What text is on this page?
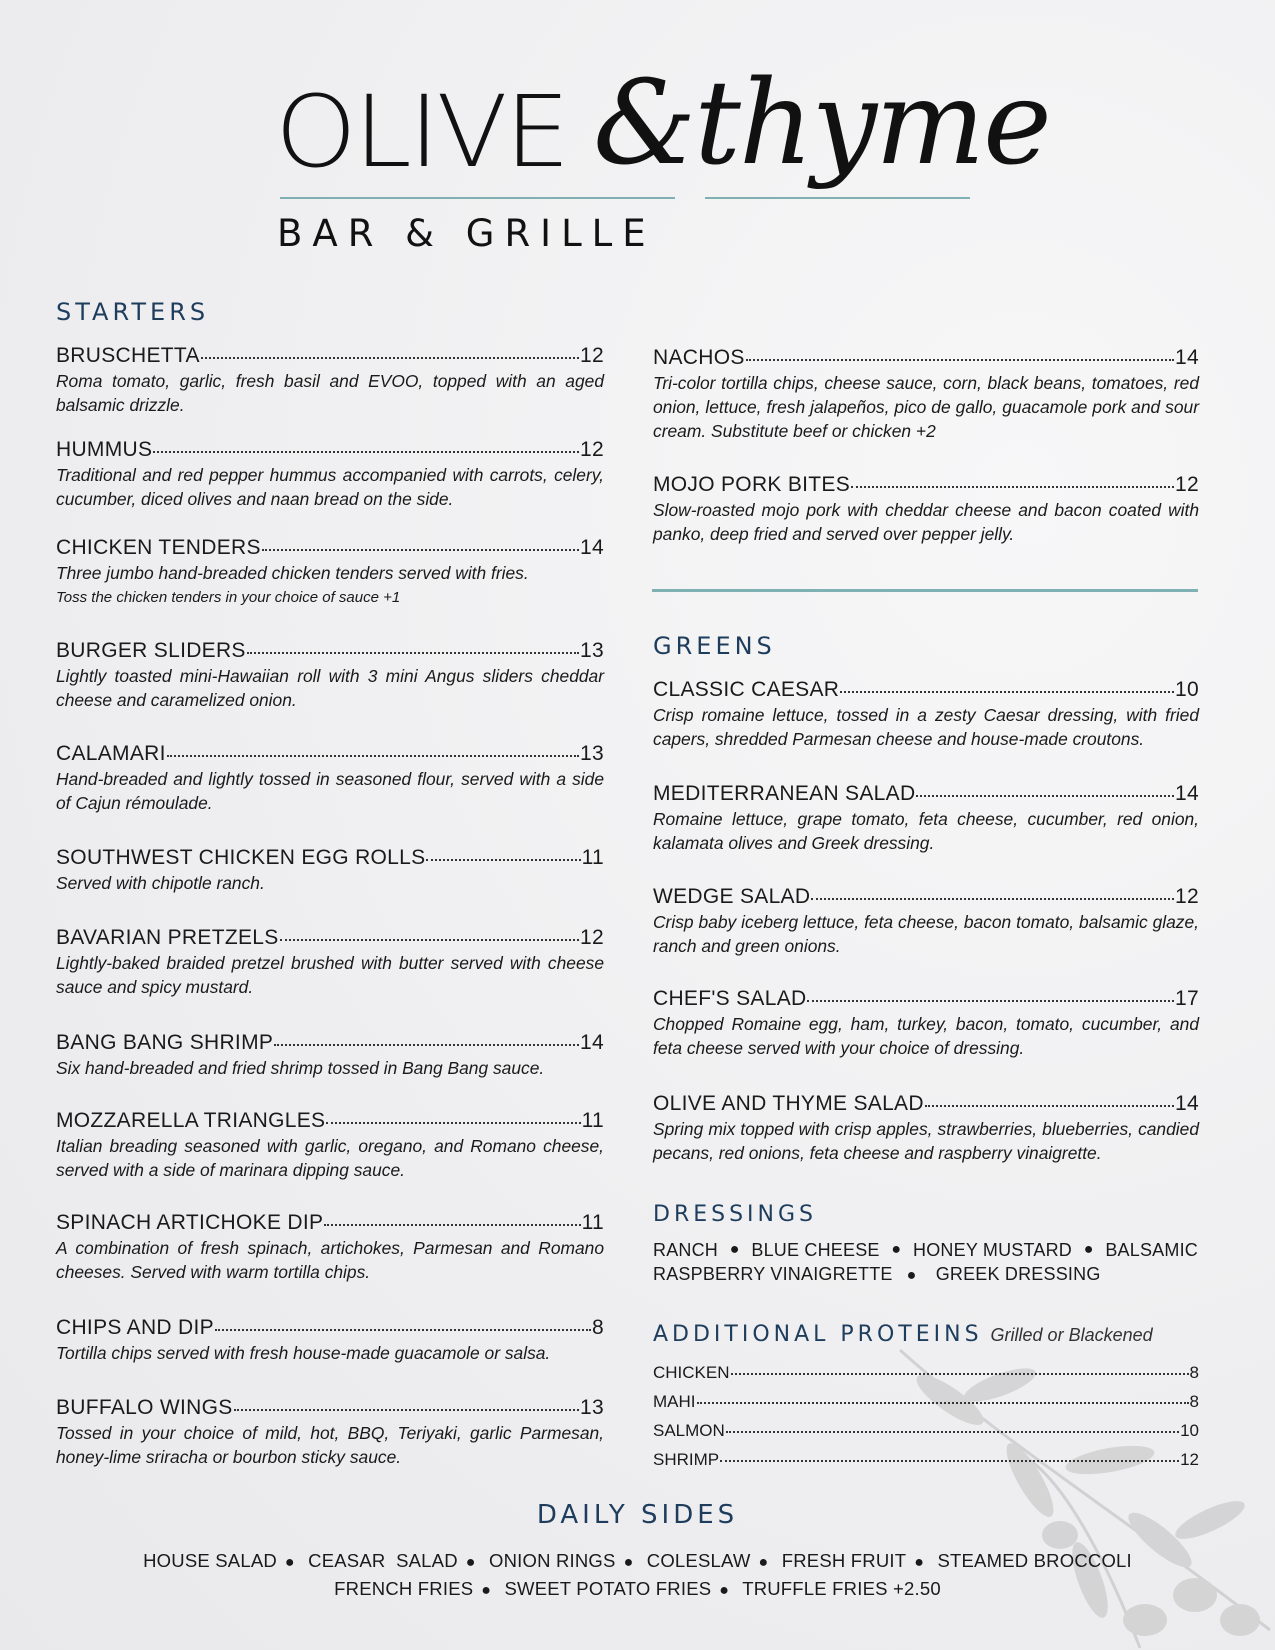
OLIVE &thyme
BAR & GRILLE
STARTERS
BRUSCHETTA	12
Roma tomato, garlic, fresh basil and EVOO, topped with an aged balsamic drizzle.
HUMMUS	12
Traditional and red pepper hummus accompanied with carrots, celery, cucumber, diced olives and naan bread on the side.
CHICKEN TENDERS	14
Three jumbo hand-breaded chicken tenders served with fries.
Toss the chicken tenders in your choice of sauce +1
BURGER SLIDERS	13
Lightly toasted mini-Hawaiian roll with 3 mini Angus sliders cheddar cheese and caramelized onion.
CALAMARI	13
Hand-breaded and lightly tossed in seasoned flour, served with a side of Cajun rémoulade.
SOUTHWEST CHICKEN EGG ROLLS	11
Served with chipotle ranch.
BAVARIAN PRETZELS	12
Lightly-baked braided pretzel brushed with butter served with cheese sauce and spicy mustard.
BANG BANG SHRIMP	14
Six hand-breaded and fried shrimp tossed in Bang Bang sauce.
MOZZARELLA TRIANGLES	11
Italian breading seasoned with garlic, oregano, and Romano cheese, served with a side of marinara dipping sauce.
SPINACH ARTICHOKE DIP	11
A combination of fresh spinach, artichokes, Parmesan and Romano cheeses. Served with warm tortilla chips.
CHIPS AND DIP	8
Tortilla chips served with fresh house-made guacamole or salsa.
BUFFALO WINGS	13
Tossed in your choice of mild, hot, BBQ, Teriyaki, garlic Parmesan, honey-lime sriracha or bourbon sticky sauce.
NACHOS	14
Tri-color tortilla chips, cheese sauce, corn, black beans, tomatoes, red onion, lettuce, fresh jalapeños, pico de gallo, guacamole pork and sour cream. Substitute beef or chicken +2
MOJO PORK BITES	12
Slow-roasted mojo pork with cheddar cheese and bacon coated with panko, deep fried and served over pepper jelly.
GREENS
CLASSIC CAESAR	10
Crisp romaine lettuce, tossed in a zesty Caesar dressing, with fried capers, shredded Parmesan cheese and house-made croutons.
MEDITERRANEAN SALAD	14
Romaine lettuce, grape tomato, feta cheese, cucumber, red onion, kalamata olives and Greek dressing.
WEDGE SALAD	12
Crisp baby iceberg lettuce, feta cheese, bacon tomato, balsamic glaze, ranch and green onions.
CHEF'S SALAD	17
Chopped Romaine egg, ham, turkey, bacon, tomato, cucumber, and feta cheese served with your choice of dressing.
OLIVE AND THYME SALAD	14
Spring mix topped with crisp apples, strawberries, blueberries, candied pecans, red onions, feta cheese and raspberry vinaigrette.
DRESSINGS
RANCH ● BLUE CHEESE ● HONEY MUSTARD ● BALSAMIC
RASPBERRY VINAIGRETTE ● GREEK DRESSING
ADDITIONAL PROTEINS Grilled or Blackened
CHICKEN	8
MAHI	8
SALMON	10
SHRIMP	12
DAILY SIDES
HOUSE SALAD ● CEASAR  SALAD ● ONION RINGS ● COLESLAW ● FRESH FRUIT ● STEAMED BROCCOLI
FRENCH FRIES ● SWEET POTATO FRIES ● TRUFFLE FRIES +2.50
